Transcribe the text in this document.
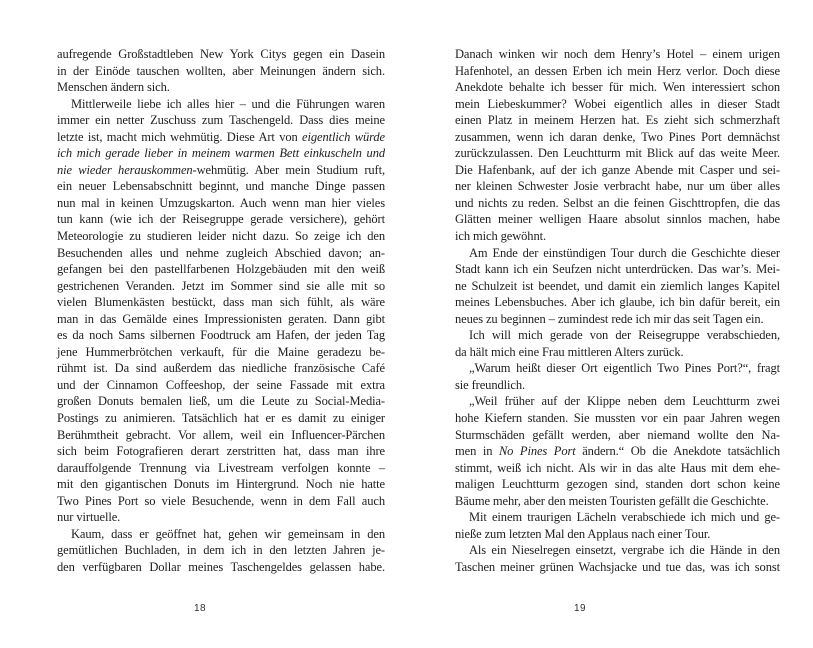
aufregende Großstadtleben New York Citys gegen ein Dasein
in der Einöde tauschen wollten, aber Meinungen ändern sich.
Menschen ändern sich.
Mittlerweile liebe ich alles hier – und die Führungen waren
immer ein netter Zuschuss zum Taschengeld. Dass dies meine
letzte ist, macht mich wehmütig. Diese Art von eigentlich würde
ich mich gerade lieber in meinem warmen Bett einkuscheln und
nie wieder herauskommen-wehmütig. Aber mein Studium ruft,
ein neuer Lebensabschnitt beginnt, und manche Dinge passen
nun mal in keinen Umzugskarton. Auch wenn man hier vieles
tun kann (wie ich der Reisegruppe gerade versichere), gehört
Meteorologie zu studieren leider nicht dazu. So zeige ich den
Besuchenden alles und nehme zugleich Abschied davon; an-
gefangen bei den pastellfarbenen Holzgebäuden mit den weiß
gestrichenen Veranden. Jetzt im Sommer sind sie alle mit so
vielen Blumenkästen bestückt, dass man sich fühlt, als wäre
man in das Gemälde eines Impressionisten geraten. Dann gibt
es da noch Sams silbernen Foodtruck am Hafen, der jeden Tag
jene Hummerbrötchen verkauft, für die Maine geradezu be-
rühmt ist. Da sind außerdem das niedliche französische Café
und der Cinnamon Coffeeshop, der seine Fassade mit extra
großen Donuts bemalen ließ, um die Leute zu Social-Media-
Postings zu animieren. Tatsächlich hat er es damit zu einiger
Berühmtheit gebracht. Vor allem, weil ein Influencer-Pärchen
sich beim Fotografieren derart zerstritten hat, dass man ihre
darauffolgende Trennung via Livestream verfolgen konnte –
mit den gigantischen Donuts im Hintergrund. Noch nie hatte
Two Pines Port so viele Besuchende, wenn in dem Fall auch
nur virtuelle.
Kaum, dass er geöffnet hat, gehen wir gemeinsam in den
gemütlichen Buchladen, in dem ich in den letzten Jahren je-
den verfügbaren Dollar meines Taschengeldes gelassen habe.
Danach winken wir noch dem Henry’s Hotel – einem urigen
Hafenhotel, an dessen Erben ich mein Herz verlor. Doch diese
Anekdote behalte ich besser für mich. Wen interessiert schon
mein Liebeskummer? Wobei eigentlich alles in dieser Stadt
einen Platz in meinem Herzen hat. Es zieht sich schmerzhaft
zusammen, wenn ich daran denke, Two Pines Port demnächst
zurückzulassen. Den Leuchtturm mit Blick auf das weite Meer.
Die Hafenbank, auf der ich ganze Abende mit Casper und sei-
ner kleinen Schwester Josie verbracht habe, nur um über alles
und nichts zu reden. Selbst an die feinen Gischttropfen, die das
Glätten meiner welligen Haare absolut sinnlos machen, habe
ich mich gewöhnt.
Am Ende der einstündigen Tour durch die Geschichte dieser
Stadt kann ich ein Seufzen nicht unterdrücken. Das war’s. Mei-
ne Schulzeit ist beendet, und damit ein ziemlich langes Kapitel
meines Lebensbuches. Aber ich glaube, ich bin dafür bereit, ein
neues zu beginnen – zumindest rede ich mir das seit Tagen ein.
Ich will mich gerade von der Reisegruppe verabschieden,
da hält mich eine Frau mittleren Alters zurück.
„Warum heißt dieser Ort eigentlich Two Pines Port?“, fragt
sie freundlich.
„Weil früher auf der Klippe neben dem Leuchtturm zwei
hohe Kiefern standen. Sie mussten vor ein paar Jahren wegen
Sturmschäden gefällt werden, aber niemand wollte den Na-
men in No Pines Port ändern.“ Ob die Anekdote tatsächlich
stimmt, weiß ich nicht. Als wir in das alte Haus mit dem ehe-
maligen Leuchtturm gezogen sind, standen dort schon keine
Bäume mehr, aber den meisten Touristen gefällt die Geschichte.
Mit einem traurigen Lächeln verabschiede ich mich und ge-
nieße zum letzten Mal den Applaus nach einer Tour.
Als ein Nieselregen einsetzt, vergrabe ich die Hände in den
Taschen meiner grünen Wachsjacke und tue das, was ich sonst
18	19
